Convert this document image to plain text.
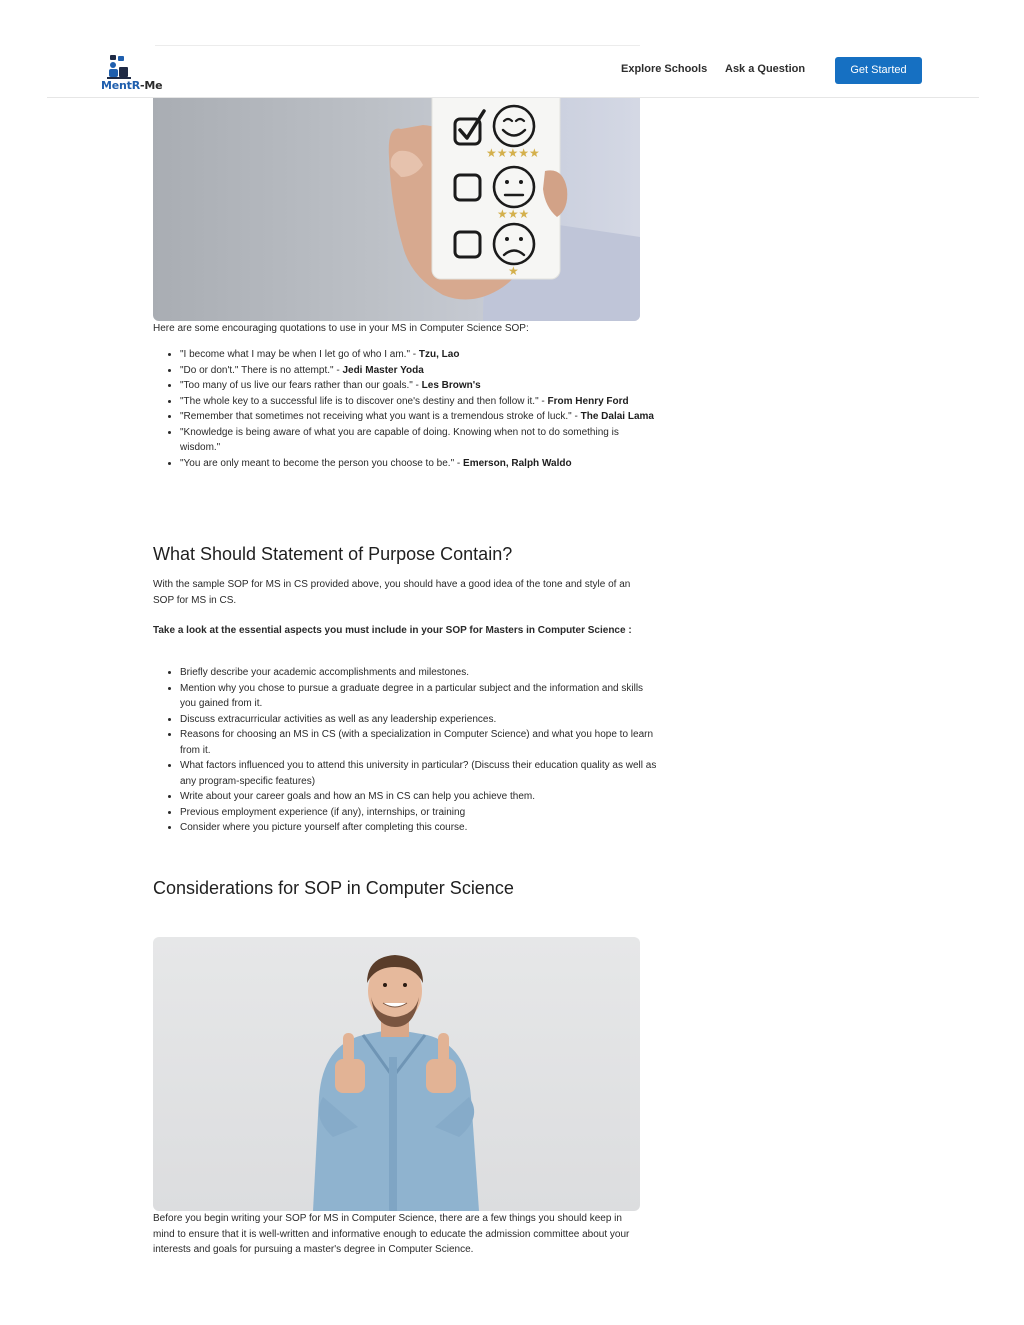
MentR-Me
Explore Schools Ask a Question	Get Started
★★★★★
★★★
★

Here are some encouraging quotations to use in your MS in Computer Science SOP:

• "I become what I may be when I let go of who I am." - Tzu, Lao
• "Do or don't." There is no attempt." - Jedi Master Yoda
• "Too many of us live our fears rather than our goals." - Les Brown's
• "The whole key to a successful life is to discover one's destiny and then follow it." - From Henry Ford
• "Remember that sometimes not receiving what you want is a tremendous stroke of luck." - The Dalai Lama
• "Knowledge is being aware of what you are capable of doing. Knowing when not to do something is wisdom."
• "You are only meant to become the person you choose to be." - Emerson, Ralph Waldo
What Should Statement of Purpose Contain?

With the sample SOP for MS in CS provided above, you should have a good idea of the tone and style of an SOP for MS in CS.

Take a look at the essential aspects you must include in your SOP for Masters in Computer Science :

• Briefly describe your academic accomplishments and milestones.
• Mention why you chose to pursue a graduate degree in a particular subject and the information and skills you gained from it.
• Discuss extracurricular activities as well as any leadership experiences.
• Reasons for choosing an MS in CS (with a specialization in Computer Science) and what you hope to learn from it.
• What factors influenced you to attend this university in particular? (Discuss their education quality as well as any program-specific features)
• Write about your career goals and how an MS in CS can help you achieve them.
• Previous employment experience (if any), internships, or training
• Consider where you picture yourself after completing this course.
Considerations for SOP in Computer Science

Before you begin writing your SOP for MS in Computer Science, there are a few things you should keep in mind to ensure that it is well-written and informative enough to educate the admission committee about your interests and goals for pursuing a master's degree in Computer Science.
